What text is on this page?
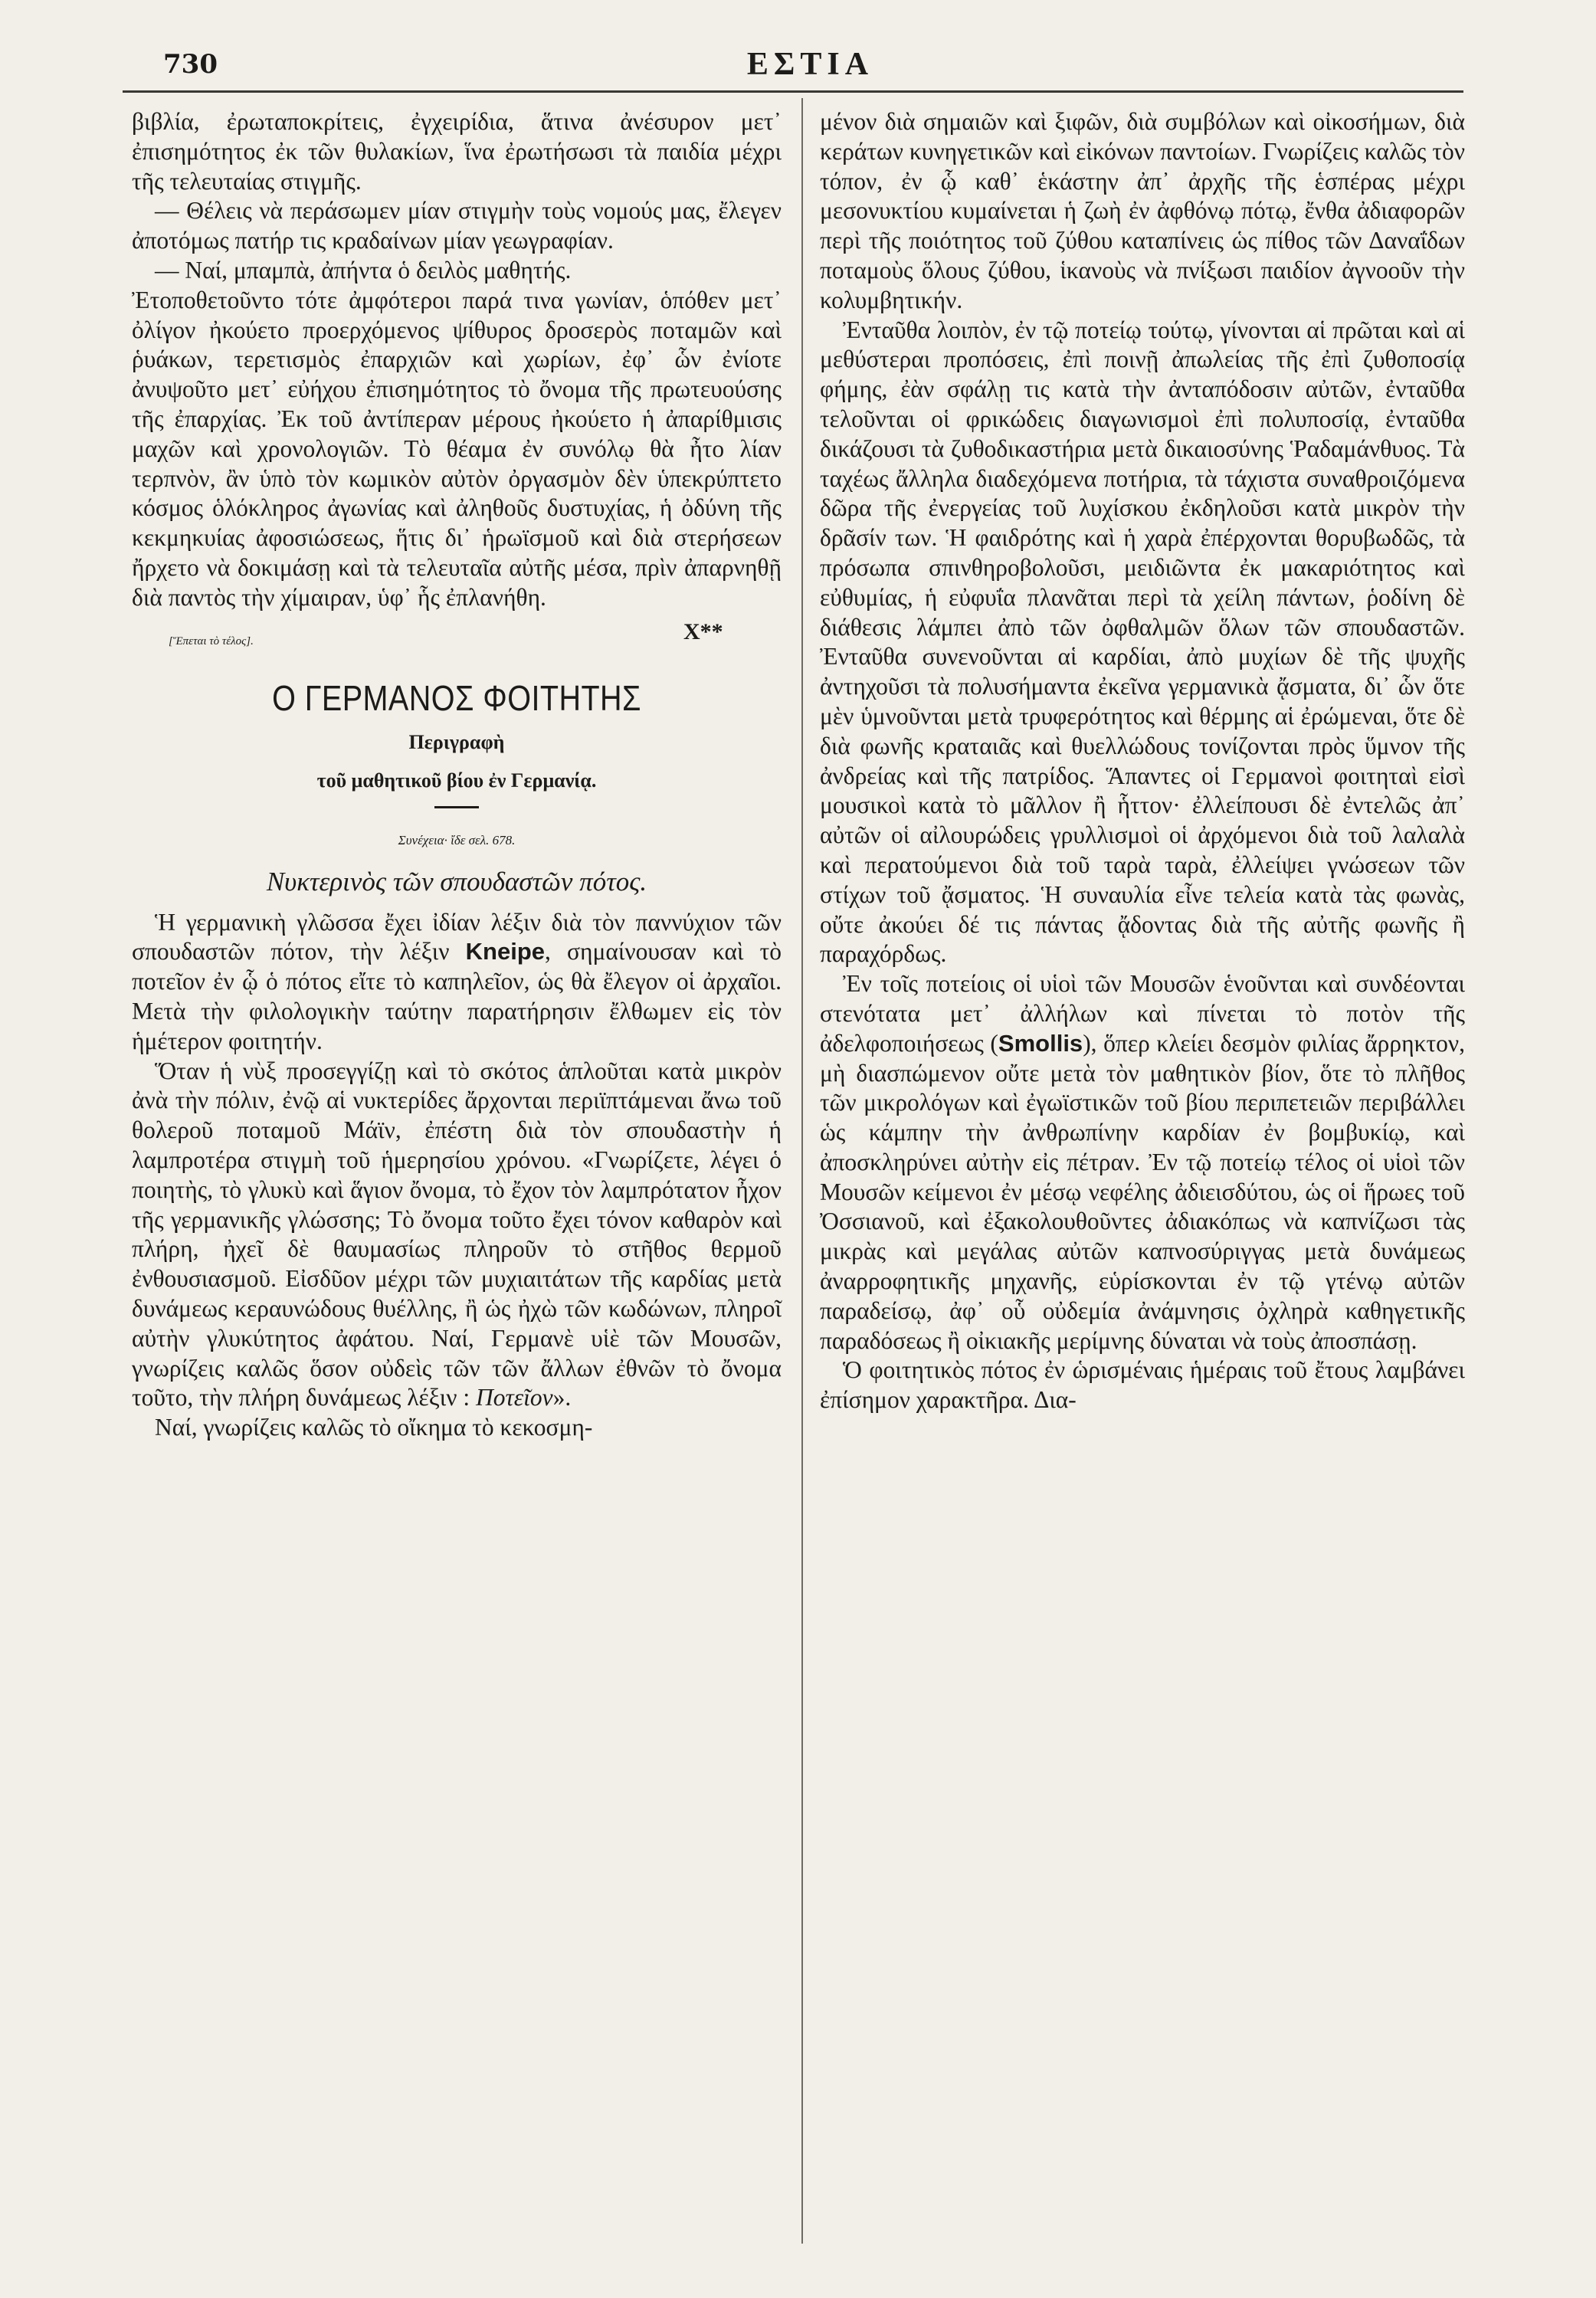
730	ΕΣΤΙΑ

βιβλία, ἐρωταποκρίτεις, ἐγχειρίδια, ἅτινα ἀνέσυρον μετ᾽ ἐπισημότητος ἐκ τῶν θυλακίων, ἵνα ἐρωτήσωσι τὰ παιδία μέχρι τῆς τελευταίας στιγμῆς.

— Θέλεις νὰ περάσωμεν μίαν στιγμὴν τοὺς νομούς μας, ἔλεγεν ἀποτόμως πατήρ τις κραδαίνων μίαν γεωγραφίαν.

— Ναί, μπαμπὰ, ἀπήντα ὁ δειλὸς μαθητής.

Ἐτοποθετοῦντο τότε ἀμφότεροι παρά τινα γωνίαν, ὁπόθεν μετ᾽ ὀλίγον ἠκούετο προερχόμενος ψίθυρος δροσερὸς ποταμῶν καὶ ῥυάκων, τερετισμὸς ἐπαρχιῶν καὶ χωρίων, ἐφ᾽ ὧν ἐνίοτε ἀνυψοῦτο μετ᾽ εὐήχου ἐπισημότητος τὸ ὄνομα τῆς πρωτευούσης τῆς ἐπαρχίας. Ἐκ τοῦ ἀντίπεραν μέρους ἠκούετο ἡ ἀπαρίθμισις μαχῶν καὶ χρονολογιῶν. Τὸ θέαμα ἐν συνόλῳ θὰ ἦτο λίαν τερπνὸν, ἂν ὑπὸ τὸν κωμικὸν αὐτὸν ὀργασμὸν δὲν ὑπεκρύπτετο κόσμος ὁλόκληρος ἀγωνίας καὶ ἀληθοῦς δυστυχίας, ἡ ὀδύνη τῆς κεκμηκυίας ἀφοσιώσεως, ἥτις δι᾽ ἡρωϊσμοῦ καὶ διὰ στερήσεων ἤρχετο νὰ δοκιμάσῃ καὶ τὰ τελευταῖα αὐτῆς μέσα, πρὶν ἀπαρνηθῇ διὰ παντὸς τὴν χίμαιραν, ὑφ᾽ ἧς ἐπλανήθη.

[Ἕπεται τὸ τέλος].	Χ**
Ο ΓΕΡΜΑΝΟΣ ΦΟΙΤΗΤΗΣ
Περιγραφὴ
τοῦ μαθητικοῦ βίου ἐν Γερμανίᾳ.
Συνέχεια· ἴδε σελ. 678.
Νυκτερινὸς τῶν σπουδαστῶν πότος.

Ἡ γερμανικὴ γλῶσσα ἔχει ἰδίαν λέξιν διὰ τὸν παννύχιον τῶν σπουδαστῶν πότον, τὴν λέξιν Kneipe, σημαίνουσαν καὶ τὸ ποτεῖον ἐν ᾧ ὁ πότος εἴτε τὸ καπηλεῖον, ὡς θὰ ἔλεγον οἱ ἀρχαῖοι. Μετὰ τὴν φιλολογικὴν ταύτην παρατήρησιν ἔλθωμεν εἰς τὸν ἡμέτερον φοιτητήν.

Ὅταν ἡ νὺξ προσεγγίζῃ καὶ τὸ σκότος ἁπλοῦται κατὰ μικρὸν ἀνὰ τὴν πόλιν, ἐνῷ αἱ νυκτερίδες ἄρχονται περιϊπτάμεναι ἄνω τοῦ θολεροῦ ποταμοῦ Μάϊν, ἐπέστη διὰ τὸν σπουδαστὴν ἡ λαμπροτέρα στιγμὴ τοῦ ἡμερησίου χρόνου. «Γνωρίζετε, λέγει ὁ ποιητὴς, τὸ γλυκὺ καὶ ἅγιον ὄνομα, τὸ ἔχον τὸν λαμπρότατον ἦχον τῆς γερμανικῆς γλώσσης; Τὸ ὄνομα τοῦτο ἔχει τόνον καθαρὸν καὶ πλήρη, ἠχεῖ δὲ θαυμασίως πληροῦν τὸ στῆθος θερμοῦ ἐνθουσιασμοῦ. Εἰσδῦον μέχρι τῶν μυχιαιτάτων τῆς καρδίας μετὰ δυνάμεως κεραυνώδους θυέλλης, ἢ ὡς ἠχὼ τῶν κωδώνων, πληροῖ αὐτὴν γλυκύτητος ἀφάτου. Ναί, Γερμανὲ υἱὲ τῶν Μουσῶν, γνωρίζεις καλῶς ὅσον οὐδεὶς τῶν τῶν ἄλλων ἐθνῶν τὸ ὄνομα τοῦτο, τὴν πλήρη δυνάμεως λέξιν : Ποτεῖον».

Ναί, γνωρίζεις καλῶς τὸ οἴκημα τὸ κεκοσμη-

μένον διὰ σημαιῶν καὶ ξιφῶν, διὰ συμβόλων καὶ οἰκοσήμων, διὰ κεράτων κυνηγετικῶν καὶ εἰκόνων παντοίων. Γνωρίζεις καλῶς τὸν τόπον, ἐν ᾧ καθ᾽ ἑκάστην ἀπ᾽ ἀρχῆς τῆς ἑσπέρας μέχρι μεσονυκτίου κυμαίνεται ἡ ζωὴ ἐν ἀφθόνῳ πότῳ, ἔνθα ἀδιαφορῶν περὶ τῆς ποιότητος τοῦ ζύθου καταπίνεις ὡς πίθος τῶν Δαναΐδων ποταμοὺς ὅλους ζύθου, ἱκανοὺς νὰ πνίξωσι παιδίον ἀγνοοῦν τὴν κολυμβητικήν.

Ἐνταῦθα λοιπὸν, ἐν τῷ ποτείῳ τούτῳ, γίνονται αἱ πρῶται καὶ αἱ μεθύστεραι προπόσεις, ἐπὶ ποινῇ ἀπωλείας τῆς ἐπὶ ζυθοποσίᾳ φήμης, ἐὰν σφάλῃ τις κατὰ τὴν ἀνταπόδοσιν αὐτῶν, ἐνταῦθα τελοῦνται οἱ φρικώδεις διαγωνισμοὶ ἐπὶ πολυποσίᾳ, ἐνταῦθα δικάζουσι τὰ ζυθοδικαστήρια μετὰ δικαιοσύνης Ῥαδαμάνθυος. Τὰ ταχέως ἄλληλα διαδεχόμενα ποτήρια, τὰ τάχιστα συναθροιζόμενα δῶρα τῆς ἐνεργείας τοῦ λυχίσκου ἐκδηλοῦσι κατὰ μικρὸν τὴν δρᾶσίν των. Ἡ φαιδρότης καὶ ἡ χαρὰ ἐπέρχονται θορυβωδῶς, τὰ πρόσωπα σπινθηροβολοῦσι, μειδιῶντα ἐκ μακαριότητος καὶ εὐθυμίας, ἡ εὐφυΐα πλανᾶται περὶ τὰ χείλη πάντων, ῥοδίνη δὲ διάθεσις λάμπει ἀπὸ τῶν ὀφθαλμῶν ὅλων τῶν σπουδαστῶν. Ἐνταῦθα συνενοῦνται αἱ καρδίαι, ἀπὸ μυχίων δὲ τῆς ψυχῆς ἀντηχοῦσι τὰ πολυσήμαντα ἐκεῖνα γερμανικὰ ᾄσματα, δι᾽ ὧν ὅτε μὲν ὑμνοῦνται μετὰ τρυφερότητος καὶ θέρμης αἱ ἐρώμεναι, ὅτε δὲ διὰ φωνῆς κραταιᾶς καὶ θυελλώδους τονίζονται πρὸς ὕμνον τῆς ἀνδρείας καὶ τῆς πατρίδος. Ἅπαντες οἱ Γερμανοὶ φοιτηταὶ εἰσὶ μουσικοὶ κατὰ τὸ μᾶλλον ἢ ἧττον· ἐλλείπουσι δὲ ἐντελῶς ἀπ᾽ αὐτῶν οἱ αἰλουρώδεις γρυλλισμοὶ οἱ ἀρχόμενοι διὰ τοῦ λαλαλὰ καὶ περατούμενοι διὰ τοῦ ταρὰ ταρὰ, ἐλλείψει γνώσεων τῶν στίχων τοῦ ᾄσματος. Ἡ συναυλία εἶνε τελεία κατὰ τὰς φωνὰς, οὔτε ἀκούει δέ τις πάντας ᾄδοντας διὰ τῆς αὐτῆς φωνῆς ἢ παραχόρδως.

Ἐν τοῖς ποτείοις οἱ υἱοὶ τῶν Μουσῶν ἑνοῦνται καὶ συνδέονται στενότατα μετ᾽ ἀλλήλων καὶ πίνεται τὸ ποτὸν τῆς ἀδελφοποιήσεως (Smollis), ὅπερ κλείει δεσμὸν φιλίας ἄρρηκτον, μὴ διασπώμενον οὔτε μετὰ τὸν μαθητικὸν βίον, ὅτε τὸ πλῆθος τῶν μικρολόγων καὶ ἐγωϊστικῶν τοῦ βίου περιπετειῶν περιβάλλει ὡς κάμπην τὴν ἀνθρωπίνην καρδίαν ἐν βομβυκίῳ, καὶ ἀποσκληρύνει αὐτὴν εἰς πέτραν. Ἐν τῷ ποτείῳ τέλος οἱ υἱοὶ τῶν Μουσῶν κείμενοι ἐν μέσῳ νεφέλης ἀδιεισδύτου, ὡς οἱ ἥρωες τοῦ Ὀσσιανοῦ, καὶ ἐξακολουθοῦντες ἀδιακόπως νὰ καπνίζωσι τὰς μικρὰς καὶ μεγάλας αὐτῶν καπνοσύριγγας μετὰ δυνάμεως ἀναρροφητικῆς μηχανῆς, εὑρίσκονται ἐν τῷ γτένῳ αὐτῶν παραδείσῳ, ἀφ᾽ οὗ οὐδεμία ἀνάμνησις ὀχληρὰ καθηγετικῆς παραδόσεως ἢ οἰκιακῆς μερίμνης δύναται νὰ τοὺς ἀποσπάσῃ.

Ὁ φοιτητικὸς πότος ἐν ὡρισμέναις ἡμέραις τοῦ ἔτους λαμβάνει ἐπίσημον χαρακτῆρα. Δια-
